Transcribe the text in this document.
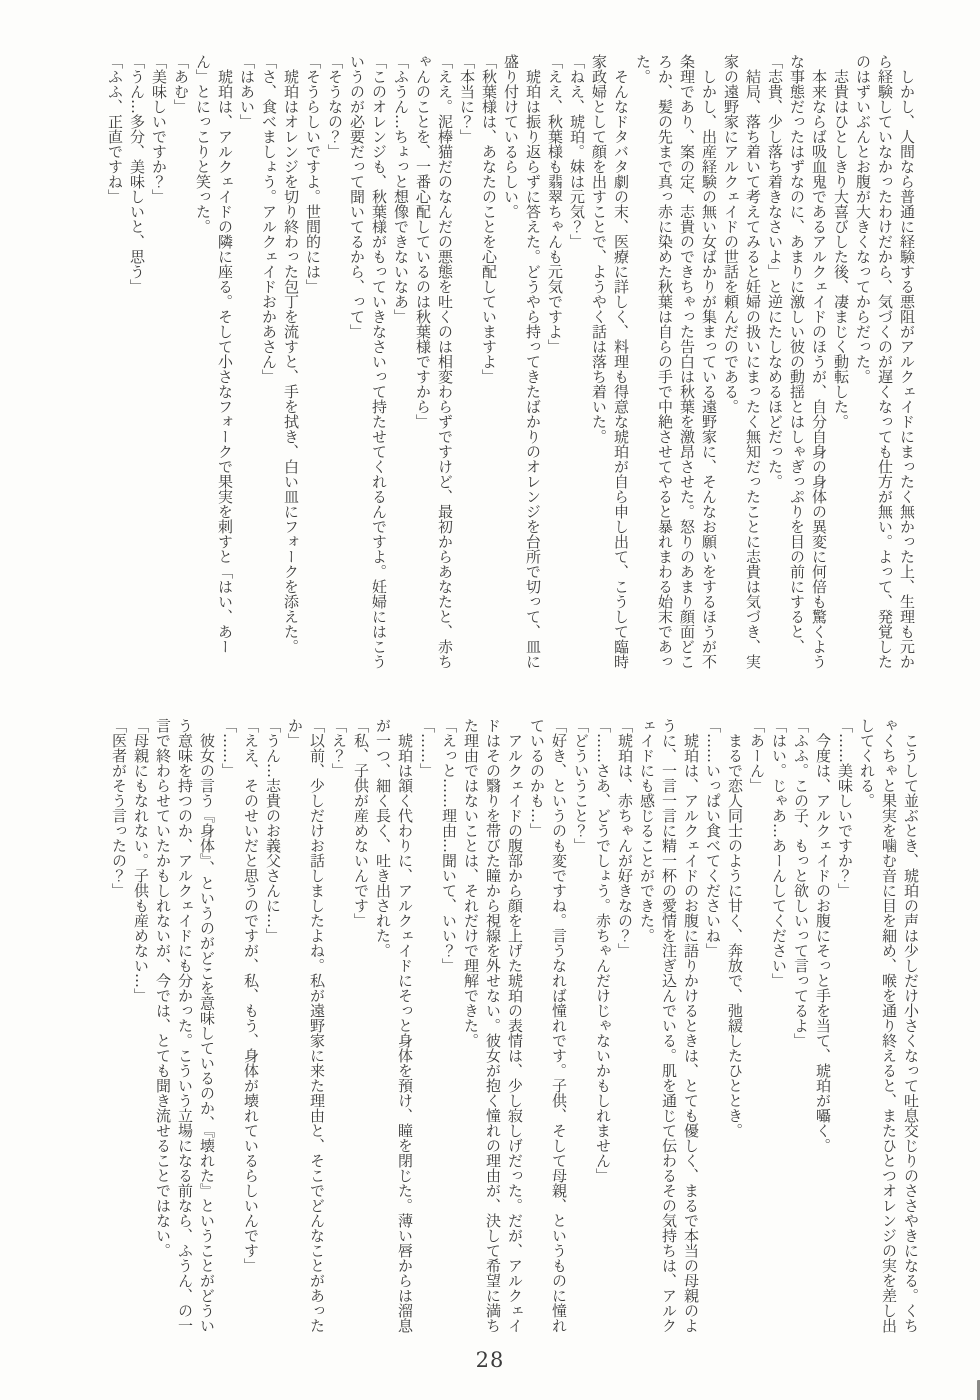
　しかし、人間なら普通に経験する悪阻がアルクェイドにまったく無かった上、生理も元から経験していなかったわけだから、気づくのが遅くなっても仕方が無い。よって、発覚したのはずいぶんとお腹が大きくなってからだった。

　志貴はひとしきり大喜びした後、凄まじく動転した。

　本来ならば吸血鬼であるアルクェイドのほうが、自分自身の身体の異変に何倍も驚くような事態だったはずなのに、あまりに激しい彼の動揺とはしゃぎっぷりを目の前にすると、「志貴、少し落ち着きなさいよ」と逆にたしなめるほどだった。

　結局、落ち着いて考えてみると妊婦の扱いにまったく無知だったことに志貴は気づき、実家の遠野家にアルクェイドの世話を頼んだのである。

　しかし、出産経験の無い女ばかりが集まっている遠野家に、そんなお願いをするほうが不条理であり、案の定、志貴のできちゃった告白は秋葉を激昂させた。怒りのあまり顔面どころか、髪の先まで真っ赤に染めた秋葉は自らの手で中絶させてやると暴れまわる始末であった。

　そんなドタバタ劇の末、医療に詳しく、料理も得意な琥珀が自ら申し出て、こうして臨時家政婦として顔を出すことで、ようやく話は落ち着いた。

「ねえ、琥珀。妹は元気？」

「ええ、秋葉様も翡翠ちゃんも元気ですよ」

　琥珀は振り返らずに答えた。どうやら持ってきたばかりのオレンジを台所で切って、皿に盛り付けているらしい。

「秋葉様は、あなたのことを心配していますよ」

「本当に？」

「ええ。泥棒猫だのなんだの悪態を吐くのは相変わらずですけど、最初からあなたと、赤ちゃんのことを、一番心配しているのは秋葉様ですから」

「ふうん…ちょっと想像できないなあ」

「このオレンジも、秋葉様がもっていきなさいって持たせてくれるんですよ。妊婦にはこういうのが必要だって聞いてるから、って」

「そうなの？」

「そうらしいですよ。世間的には」

　琥珀はオレンジを切り終わった包丁を流すと、手を拭き、白い皿にフォークを添えた。

「さ、食べましょう。アルクェイドおかあさん」

「はあい」

　琥珀は、アルクェイドの隣に座る。そして小さなフォークで果実を刺すと「はい、あーん」とにっこりと笑った。

「あむ」

「美味しいですか？」

「うん…多分、美味しいと、思う」

「ふふ、正直ですね」

　こうして並ぶとき、琥珀の声は少しだけ小さくなって吐息交じりのささやきになる。くちゃくちゃと果実を噛む音に目を細め、喉を通り終えると、またひとつオレンジの実を差し出してくれる。

「……美味しいですか？」

　今度は、アルクェイドのお腹にそっと手を当て、琥珀が囁く。

「ふふ。この子、もっと欲しいって言ってるよ」

「はい。じゃあ…あーんしてください」

「あーん」

　まるで恋人同士のように甘く、奔放で、弛緩したひととき。

「……いっぱい食べてくださいね」

　琥珀は、アルクェイドのお腹に語りかけるときは、とても優しく、まるで本当の母親のように、一言一言に精一杯の愛情を注ぎ込んでいる。肌を通じて伝わるその気持ちは、アルクェイドにも感じることができた。

「琥珀は、赤ちゃんが好きなの？」

「……さあ、どうでしょう。赤ちゃんだけじゃないかもしれません」

「どういうこと？」

「好き、というのも変ですね。言うなれば憧れです。子供、そして母親、というものに憧れているのかも…」

　アルクェイドの腹部から顔を上げた琥珀の表情は、少し寂しげだった。だが、アルクェイドはその翳りを帯びた瞳から視線を外せない。彼女が抱く憧れの理由が、決して希望に満ちた理由ではないことは、それだけで理解できた。

「えっと……理由…聞いて、いい？」

「……」

　琥珀は頷く代わりに、アルクェイドにそっと身体を預け、瞳を閉じた。薄い唇からは溜息が一つ、細く長く、吐き出された。

「私、子供が産めないんです」

「え？」

「以前、少しだけお話しましたよね。私が遠野家に来た理由と、そこでどんなことがあったか」

「うん…志貴のお義父さんに…」

「ええ、そのせいだと思うのですが、私、もう、身体が壊れているらしいんです」

「……」

　彼女の言う『身体』、というのがどこを意味しているのか、『壊れた』ということがどういう意味を持つのか、アルクェイドにも分かった。こういう立場になる前なら、ふうん、の一言で終わらせていたかもしれないが、今では、とても聞き流せることではない。

「母親にもなれない。子供も産めない…」

「医者がそう言ったの？」

28
